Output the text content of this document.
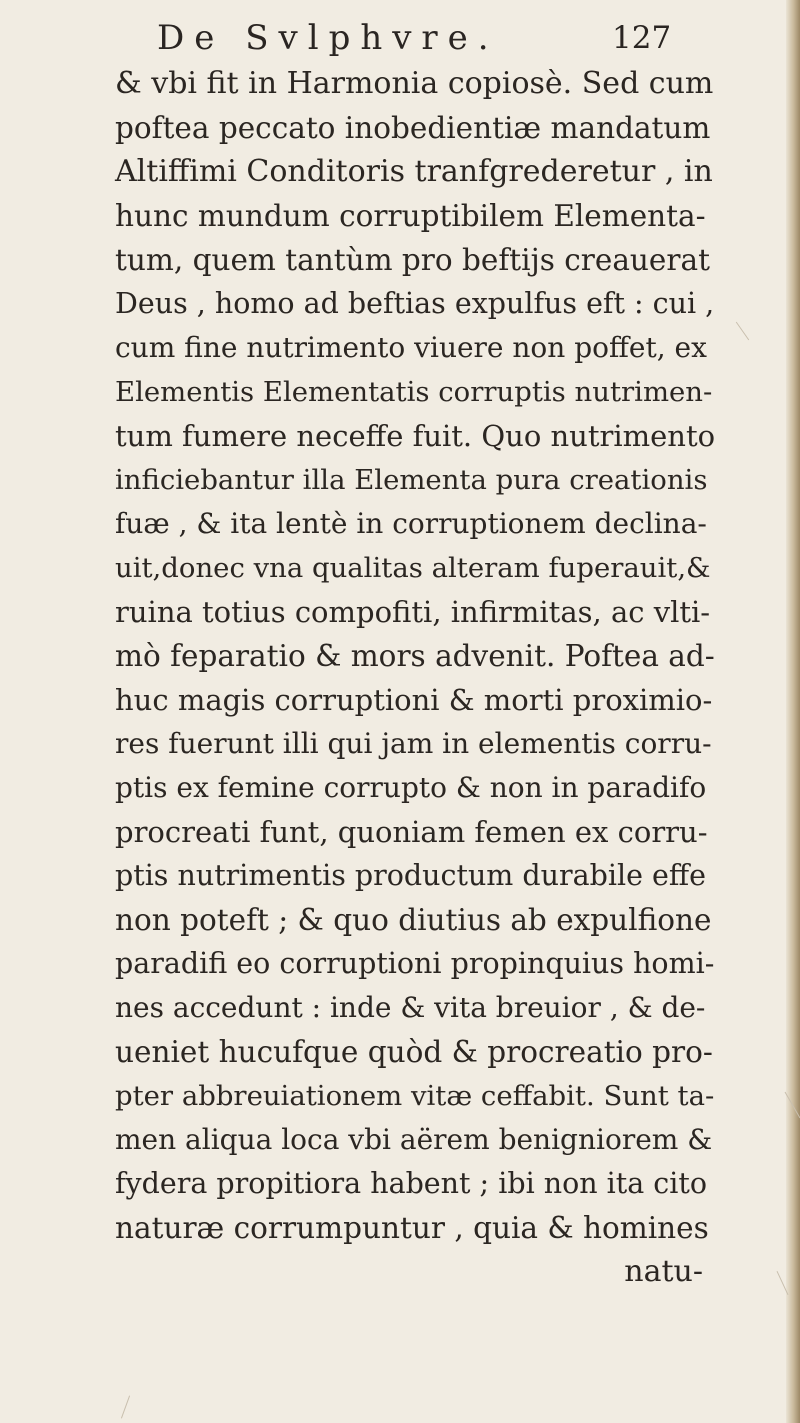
De Svlphvre.	127
& vbi fit in Harmonia copiosè. Sed cum
poftea peccato inobedientiæ mandatum
Altiffimi Conditoris tranfgrederetur , in
hunc mundum corruptibilem Elementa-
tum, quem tantùm pro beftijs creauerat
Deus , homo ad beftias expulfus eft : cui ,
cum fine nutrimento viuere non poffet, ex
Elementis Elementatis corruptis nutrimen-
tum fumere neceffe fuit. Quo nutrimento
inficiebantur illa Elementa pura creationis
fuæ , & ita lentè in corruptionem declina-
uit,donec vna qualitas alteram fuperauit,&
ruina totius compofiti, infirmitas, ac vlti-
mò feparatio & mors advenit. Poftea ad-
huc magis corruptioni & morti proximio-
res fuerunt illi qui jam in elementis corru-
ptis ex femine corrupto & non in paradifo
procreati funt, quoniam femen ex corru-
ptis nutrimentis productum durabile effe
non poteft ; & quo diutius ab expulfione
paradifi eo corruptioni propinquius homi-
nes accedunt : inde & vita breuior , & de-
ueniet hucufque quòd & procreatio pro-
pter abbreuiationem vitæ ceffabit. Sunt ta-
men aliqua loca vbi aërem benigniorem &
fydera propitiora habent ; ibi non ita cito
naturæ corrumpuntur , quia & homines
natu-
